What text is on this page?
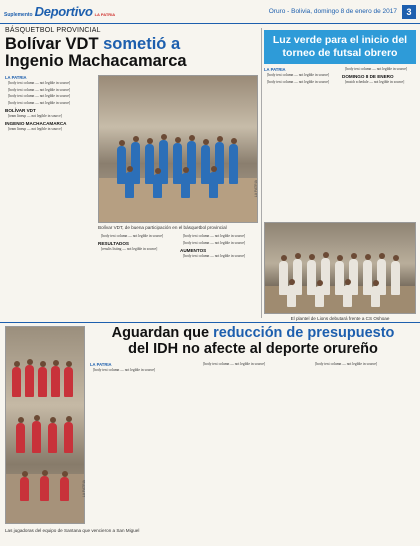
Suplemento Deportivo LA PATRIA	Oruro - Bolivia, domingo 8 de enero de 2017	3
BÁSQUETBOL PROVINCIAL
Bolívar VDT sometió a
Ingenio Machacamarca
LA PATRIA

[body text column — not legible in source]

[body text column — not legible in source]

[body text column — not legible in source]

[body text column — not legible in source]

BOLÍVAR VDT

[team lineup — not legible in source]

INGENIO MACHACAMARCA

[team lineup — not legible in source]

LA PATRIA
Bolívar VDT, de buena participación en el básquetbol provincial

[body text column — not legible in source]

RESULTADOS

[results listing — not legible in source]

[body text column — not legible in source]

[body text column — not legible in source]

AUMENTOS

[body text column — not legible in source]

Luz verde para el inicio del torneo de futsal obrero
LA PATRIA

[body text column — not legible in source]

[body text column — not legible in source]

[body text column — not legible in source]

DOMINGO 8 DE ENERO

[match schedule — not legible in source]

El plantel de Lions debutará frente a CS Oshoae
LA PATRIA
Las jugadoras del equipo de Santana que vencieron a San Miguel
Aguardan que reducción de presupuesto
del IDH no afecte al deporte orureño
LA PATRIA

[body text column — not legible in source]

[body text column — not legible in source]	[body text column — not legible in source]
